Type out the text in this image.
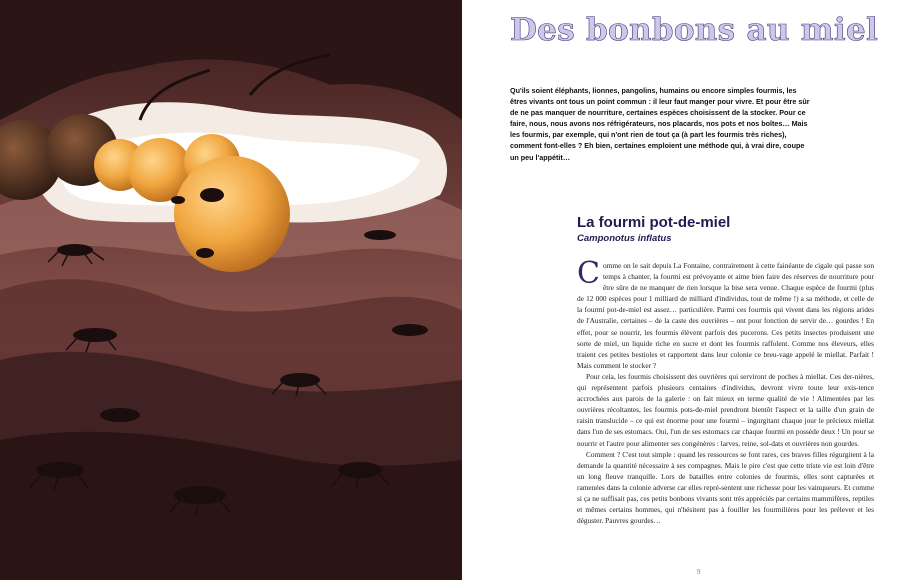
Des bonbons au miel

Qu'ils soient éléphants, lionnes, pangolins, humains ou encore simples fourmis, les êtres vivants ont tous un point commun : il leur faut manger pour vivre. Et pour être sûr de ne pas manquer de nourriture, certaines espèces choisissent de la stocker. Pour ce faire, nous, nous avons nos réfrigérateurs, nos placards, nos pots et nos boîtes… Mais les fourmis, par exemple, qui n'ont rien de tout ça (à part les fourmis très riches), comment font-elles ? Eh bien, certaines emploient une méthode qui, à vrai dire, coupe un peu l'appétit…

La fourmi pot-de-miel
Camponotus inflatus

Comme on le sait depuis La Fontaine, contrairement à cette fainéante de cigale qui passe son temps à chanter, la fourmi est prévoyante et aime bien faire des réserves de nourriture pour être sûre de ne manquer de rien lorsque la bise sera venue. Chaque espèce de fourmi (plus de 12 000 espèces pour 1 milliard de milliard d'individus, tout de même !) a sa méthode, et celle de la fourmi pot-de-miel est assez… particulière. Parmi ces fourmis qui vivent dans les régions arides de l'Australie, certaines – de la caste des ouvrières – ont pour fonction de servir de… gourdes ! En effet, pour se nourrir, les fourmis élèvent parfois des pucerons. Ces petits insectes produisent une sorte de miel, un liquide riche en sucre et dont les fourmis raffolent. Comme nos éleveurs, elles traient ces petites bestioles et rapportent dans leur colonie ce breu-vage appelé le miellat. Parfait ! Mais comment le stocker ?

Pour cela, les fourmis choisissent des ouvrières qui serviront de poches à miellat. Ces der-nières, qui représentent parfois plusieurs centaines d'individus, devront vivre toute leur exis-tence accrochées aux parois de la galerie : on fait mieux en terme qualité de vie ! Alimentées par les ouvrières récoltantes, les fourmis pots-de-miel prendront bientôt l'aspect et la taille d'un grain de raisin translucide – ce qui est énorme pour une fourmi – ingurgitant chaque jour le précieux miellat dans l'un de ses estomacs. Oui, l'un de ses estomacs car chaque fourmi en possède deux ! Un pour se nourrir et l'autre pour alimenter ses congénères : larves, reine, sol-dats et ouvrières non gourdes.

Comment ? C'est tout simple : quand les ressources se font rares, ces braves filles régurgitent à la demande la quantité nécessaire à ses compagnes. Mais le pire c'est que cette triste vie est loin d'être un long fleuve tranquille. Lors de batailles entre colonies de fourmis, elles sont capturées et ramenées dans la colonie adverse car elles repré-sentent une richesse pour les vainqueurs. Et comme si ça ne suffisait pas, ces petits bonbons vivants sont très appréciés par certains mammifères, reptiles et mêmes certains hommes, qui n'hésitent pas à fouiller les fourmilières pour les prélever et les déguster. Pauvres gourdes…

9
